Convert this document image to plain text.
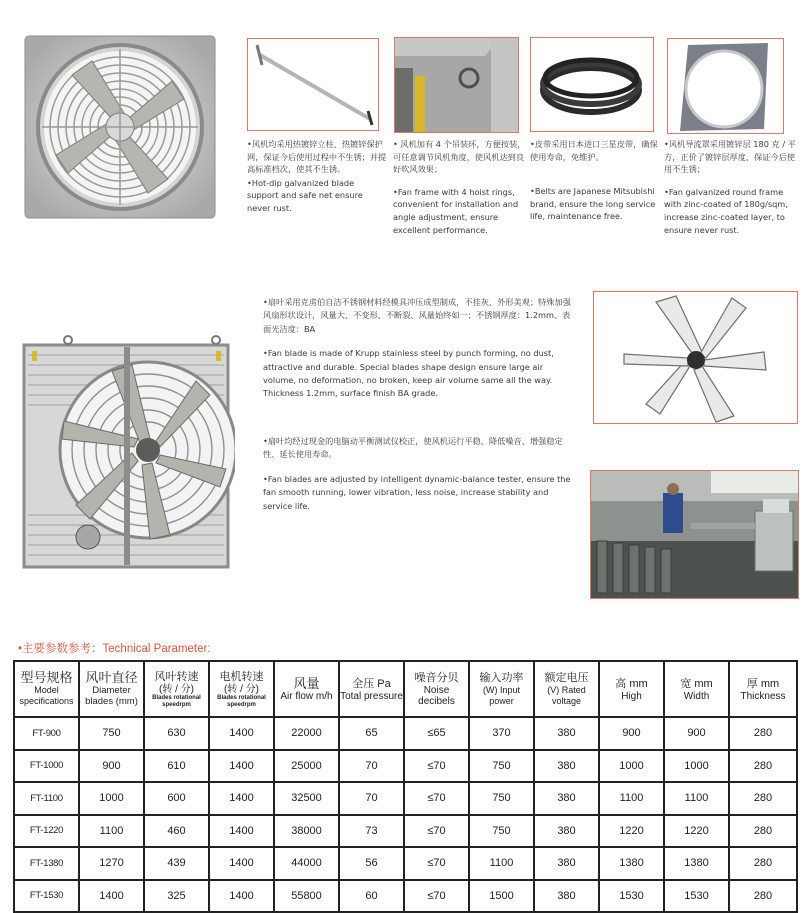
•风机均采用热镀锌立柱、热镀锌保护网，保证今后使用过程中不生锈；并提高标准档次，使其不生锈。

•Hot-dip galvanized blade support and safe net ensure never rust.

• 风机加有 4 个吊装环，方便按装，可任意调节风机角度，使风机达到良好吹风效果；

•Fan frame with 4 hoist rings, convenient for installation and angle adjustment, ensure excellent performance.

•皮带采用日本进口三星皮带，确保使用寿命，免维护。

•Belts are Japanese Mitsubishi brand, ensure the long service life, maintenance free.

•风机导流罩采用镀锌层 180 克 / 平方，正价了镀锌层厚度，保证今后使用不生锈；

•Fan galvanized round frame with zinc-coated of 180g/sqm, increase zinc-coated layer, to ensure never rust.

•扇叶采用克虏伯自洁不锈钢材料经模具冲压成型制成，不挂灰、外形美观；特殊加强风扇形状设计，风量大、不变形、不断裂、风量始终如一；不锈钢厚度：1.2mm、表面光洁度：BA

•Fan blade is made of Krupp stainless steel by punch forming, no dust, attractive and durable. Special blades shape design ensure large air volume, no deformation, no broken, keep air volume same all the way. Thickness 1.2mm, surface finish BA grade.

•扇叶均经过现金的电脑动平衡测试仪校正，使风机运行平稳、降低噪音、增强稳定性、延长使用寿命。

•Fan blades are adjusted by intelligent dynamic-balance tester, ensure the fan smooth running, lower vibration, less noise, increase stability and service life.

•主要参数参考：Technical Parameter:
型号规格
Model specifications	风叶直径
Diameter blades (mm)	风叶转速
(转 / 分)
Blades rotational speedrpm	电机转速
(转 / 分)
Blades rotational speedrpm	风量
Air flow m/h	全压 Pa
Total pressure	噪音分贝
Noise decibels	输入功率
(W) Input power	额定电压
(V) Rated voltage	高 mm
High	宽 mm
Width	厚 mm
Thickness

FT-900	750	630	1400	22000	65	≤65	370	380	900	900	280
FT-1000	900	610	1400	25000	70	≤70	750	380	1000	1000	280
FT-1100	1000	600	1400	32500	70	≤70	750	380	1100	1100	280
FT-1220	1100	460	1400	38000	73	≤70	750	380	1220	1220	280
FT-1380	1270	439	1400	44000	56	≤70	1100	380	1380	1380	280
FT-1530	1400	325	1400	55800	60	≤70	1500	380	1530	1530	280
